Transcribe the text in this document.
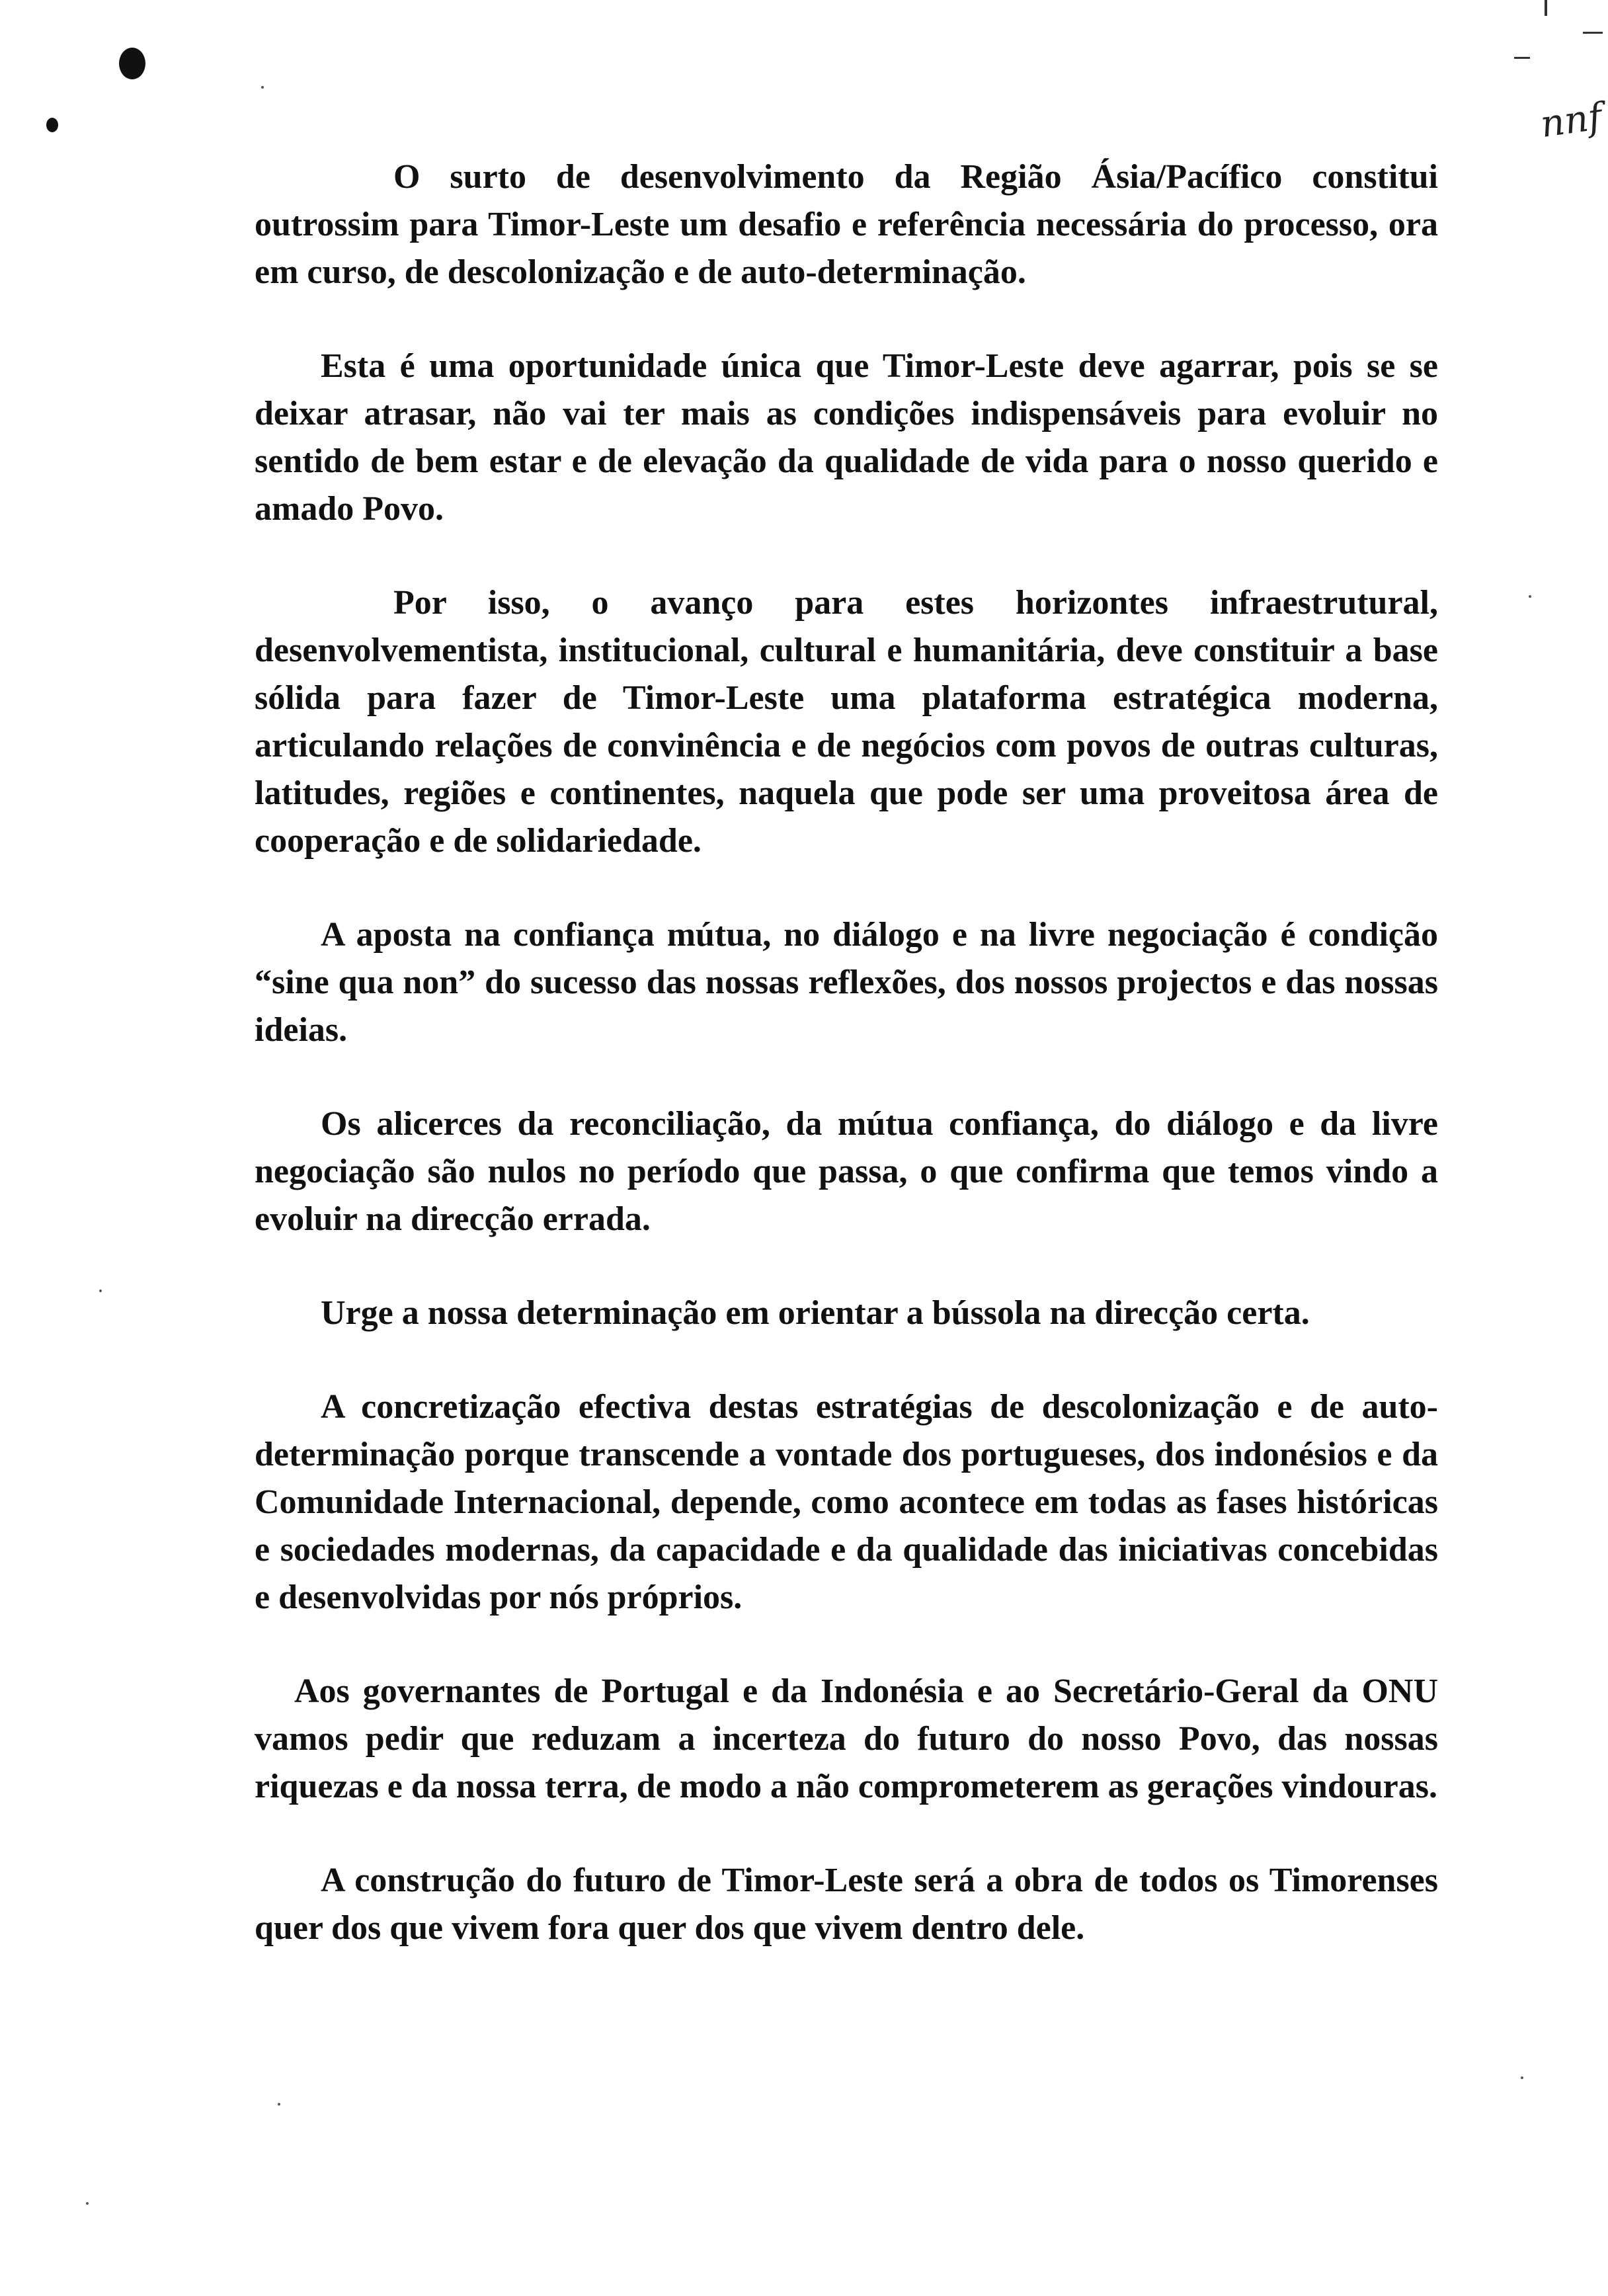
nnf

O surto de desenvolvimento da Região Ásia/Pacífico constitui outrossim para Timor-Leste um desafio e referência necessária do processo, ora em curso, de descolonização e de auto-determinação.

Esta é uma oportunidade única que Timor-Leste deve agarrar, pois se se deixar atrasar, não vai ter mais as condições indispensáveis para evoluir no sentido de bem estar e de elevação da qualidade de vida para o nosso querido e amado Povo.

Por isso, o avanço para estes horizontes infraestrutural, desenvolvementista, institucional, cultural e humanitária, deve constituir a base sólida para fazer de Timor-Leste uma plataforma estratégica moderna, articulando relações de convinência e de negócios com povos de outras culturas, latitudes, regiões e continentes, naquela que pode ser uma proveitosa área de cooperação e de solidariedade.

A aposta na confiança mútua, no diálogo e na livre negociação é condição “sine qua non” do sucesso das nossas reflexões, dos nossos projectos e das nossas ideias.

Os alicerces da reconciliação, da mútua confiança, do diálogo e da livre negociação são nulos no período que passa, o que confirma que temos vindo a evoluir na direcção errada.

Urge a nossa determinação em orientar a bússola na direcção certa.

A concretização efectiva destas estratégias de descolonização e de auto-determinação porque transcende a vontade dos portugueses, dos indonésios e da Comunidade Internacional, depende, como acontece em todas as fases históricas e sociedades modernas, da capacidade e da qualidade das iniciativas concebidas e desenvolvidas por nós próprios.

Aos governantes de Portugal e da Indonésia e ao Secretário-Geral da ONU vamos pedir que reduzam a incerteza do futuro do nosso Povo, das nossas riquezas e da nossa terra, de modo a não comprometerem as gerações vindouras.

A construção do futuro de Timor-Leste será a obra de todos os Timorenses quer dos que vivem fora quer dos que vivem dentro dele.
